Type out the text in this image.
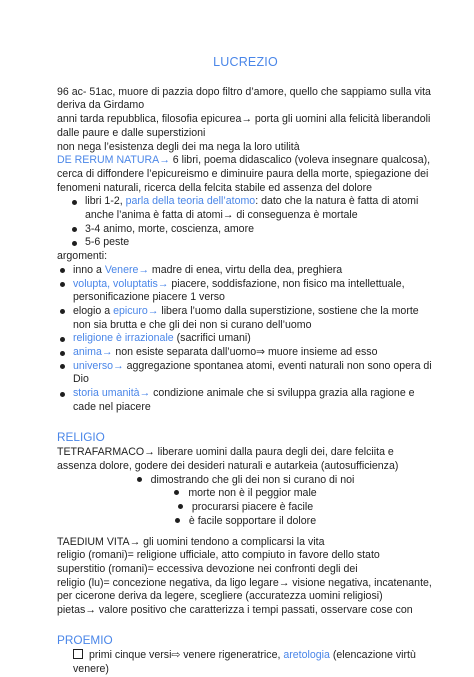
LUCREZIO

96 ac- 51ac, muore di pazzia dopo filtro d’amore, quello che sappiamo sulla vita deriva da Girdamo

anni tarda repubblica, filosofia epicurea→ porta gli uomini alla felicità liberandoli dalle paure e dalle superstizioni

non nega l’esistenza degli dei ma nega la loro utilità

DE RERUM NATURA→ 6 libri, poema didascalico (voleva insegnare qualcosa), cerca di diffondere l’epicureismo e diminuire paura della morte, spiegazione dei fenomeni naturali, ricerca della felcita stabile ed assenza del dolore

libri 1-2, parla della teoria dell’atomo: dato che la natura è fatta di atomi anche l’anima è fatta di atomi→ di conseguenza è mortale
3-4 animo, morte, coscienza, amore
5-6 peste

argomenti:

inno a Venere→ madre di enea, virtu della dea, preghiera
volupta, voluptatis→ piacere, soddisfazione, non fisico ma intellettuale, personificazione piacere 1 verso
elogio a epicuro→ libera l’uomo dalla superstizione, sostiene che la morte non sia brutta e che gli dei non si curano dell’uomo
religione è irrazionale (sacrifici umani)
anima→ non esiste separata dall’uomo⇒ muore insieme ad esso
universo→ aggregazione spontanea atomi, eventi naturali non sono opera di Dio
storia umanità→ condizione animale che si sviluppa grazia alla ragione e cade nel piacere
RELIGIO

TETRAFARMACO→ liberare uomini dalla paura degli dei, dare felciita e assenza dolore, godere dei desideri naturali e autarkeia (autosufficienza)

dimostrando che gli dei non si curano di noi
morte non è il peggior male
procurarsi piacere è facile
è facile sopportare il dolore

TAEDIUM VITA→ gli uomini tendono a complicarsi la vita

religio (romani)= religione ufficiale, atto compiuto in favore dello stato

superstitio (romani)= eccessiva devozione nei confronti degli dei

religio (lu)= concezione negativa, da ligo legare→ visione negativa, incatenante, per cicerone deriva da legere, scegliere (accuratezza uomini religiosi)

pietas→ valore positivo che caratterizza i tempi passati, osservare cose con

PROEMIO

primi cinque versi⇨ venere rigeneratrice, aretologia (elencazione virtù venere)
